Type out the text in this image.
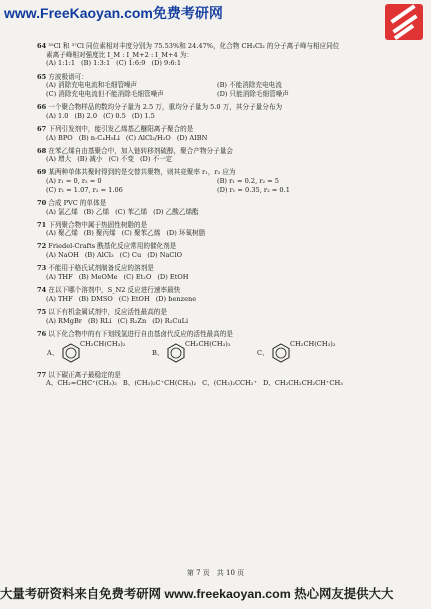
www.FreeKaoyan.com免费考研网
64 ³⁵Cl 和 ³⁷Cl 同位素相对丰度分别为 75.53%和 24.47%，化合物 CH₂Cl₂ 的分子离子峰与相应同位
素离子峰相对强度比 I_M : I_M+2 : I_M+4 为：
(A) 1:1:1 (B) 1:3:1 (C) 1:6:9 (D) 9:6:1
65 方波极谱可：
(A) 消除充电电流和毛细管噪声	(B) 不能消除充电电流
(C) 消除充电电流但不能消除毛细管噪声	(D) 只能消除毛细管噪声
66 一个聚合物样品的数均分子量为 2.5 万，重均分子量为 5.0 万，其分子量分布为
(A) 1.0 (B) 2.0 (C) 0.5 (D) 1.5
67 下列引发剂中，能引发乙烯基乙醚阳离子聚合的是
(A) BPO (B) n-C₄H₉Li (C) AlCl₃/H₂O (D) AIBN
68 在苯乙烯自由基聚合中，加入链转移剂硫醇，聚合产物分子量会
(A) 增大 (B) 减小 (C) 不变 (D) 不一定
69 某两种单体共聚时得到的是交替共聚物，则其竞聚率 r₁，r₂ 应为
(A) r₁ = 0, r₂ = 0	(B) r₁ = 0.2, r₂ = 5
(C) r₁ = 1.07, r₂ = 1.06	(D) r₁ = 0.35, r₂ = 0.1
70 合成 PVC 的单体是
(A) 氯乙烯 (B) 乙烯 (C) 苯乙烯 (D) 乙酸乙烯酯
71 下列聚合物中属于热固性树脂的是
(A) 聚乙烯 (B) 聚丙烯 (C) 聚苯乙烯 (D) 环氧树脂
72 Friedel-Crafts 酰基化反应常用的催化剂是
(A) NaOH (B) AlCl₃ (C) Cu (D) NaClO
73 不能用于格氏试剂制备反应的溶剂是
(A) THF (B) MeOMe (C) Et₂O (D) EtOH
74 在以下哪个溶剂中，S_N2 反应进行速率最快
(A) THF (B) DMSO (C) EtOH (D) benzene
75 以下有机金属试剂中，反应活性最高的是
(A) RMgBr (B) RLi (C) R₂Zn (D) R₂CuLi
76 以下化合物中的有下划线氢进行自由基卤代反应的活性最高的是
A、
CH₂CH(CH₃)₂
B、
CH₂CH(CH₃)₂
C、
CH₂CH(CH₃)₂
77 以下碳正离子最稳定的是
A、CH₂=CHC⁺(CH₃)₂ B、(CH₃)₂C⁺CH(CH₃)₂ C、(CH₃)₂CCH₂⁺ D、CH₂CH₂CH₂CH⁺CH₃
第 7 页　共 10 页
大量考研资料来自免费考研网 www.freekaoyan.com 热心网友提供大大
